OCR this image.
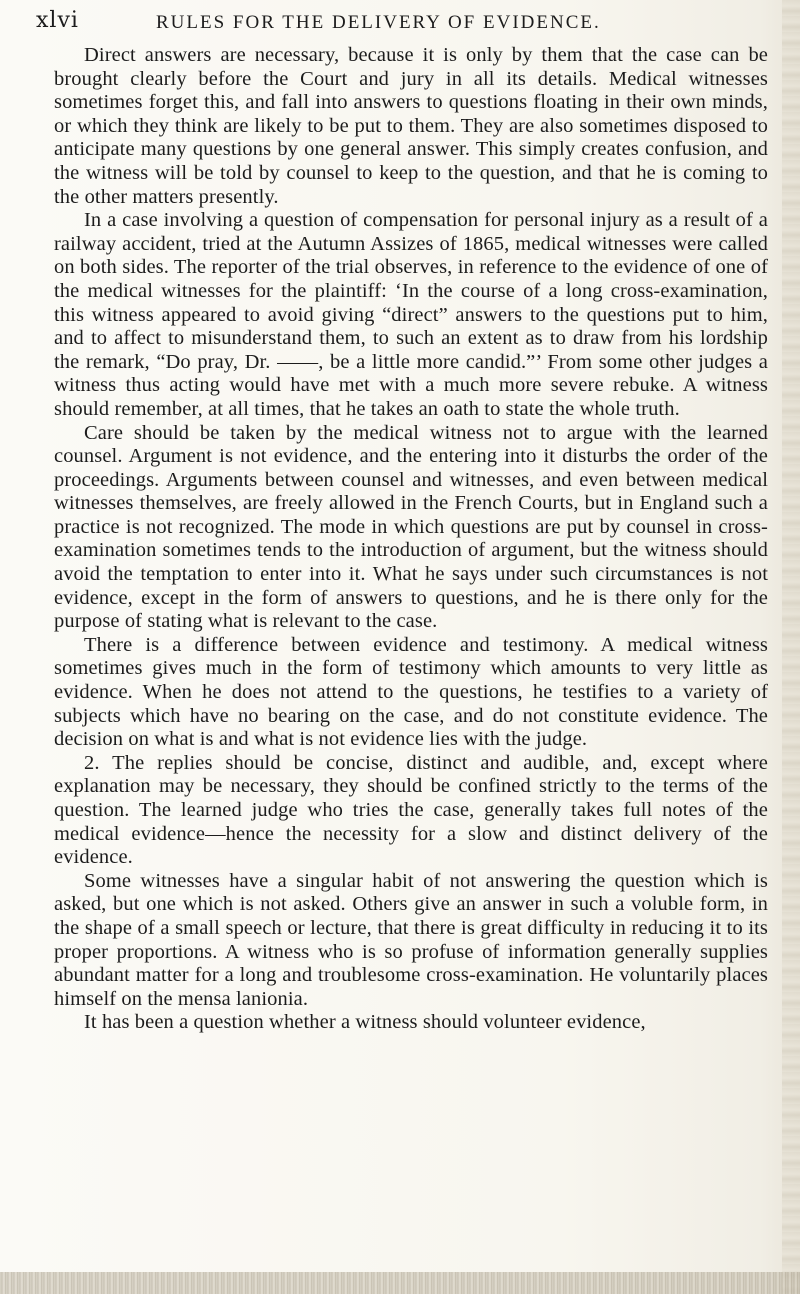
xlvi	RULES FOR THE DELIVERY OF EVIDENCE.

Direct answers are necessary, because it is only by them that the case can be brought clearly before the Court and jury in all its details. Medical witnesses sometimes forget this, and fall into answers to questions floating in their own minds, or which they think are likely to be put to them. They are also sometimes disposed to anticipate many questions by one general answer. This simply creates confusion, and the witness will be told by counsel to keep to the question, and that he is coming to the other matters presently.

In a case involving a question of compensation for personal injury as a result of a railway accident, tried at the Autumn Assizes of 1865, medical witnesses were called on both sides. The reporter of the trial observes, in reference to the evidence of one of the medical witnesses for the plaintiff: ‘In the course of a long cross-examination, this witness appeared to avoid giving “direct” answers to the questions put to him, and to affect to misunderstand them, to such an extent as to draw from his lordship the remark, “Do pray, Dr. ——, be a little more candid.”’ From some other judges a witness thus acting would have met with a much more severe rebuke. A witness should remember, at all times, that he takes an oath to state the whole truth.

Care should be taken by the medical witness not to argue with the learned counsel. Argument is not evidence, and the entering into it disturbs the order of the proceedings. Arguments between counsel and witnesses, and even between medical witnesses themselves, are freely allowed in the French Courts, but in England such a practice is not recognized. The mode in which questions are put by counsel in cross-examination sometimes tends to the introduction of argument, but the witness should avoid the temptation to enter into it. What he says under such circumstances is not evidence, except in the form of answers to questions, and he is there only for the purpose of stating what is relevant to the case.

There is a difference between evidence and testimony. A medical witness sometimes gives much in the form of testimony which amounts to very little as evidence. When he does not attend to the questions, he testifies to a variety of subjects which have no bearing on the case, and do not constitute evidence. The decision on what is and what is not evidence lies with the judge.

2. The replies should be concise, distinct and audible, and, except where explanation may be necessary, they should be confined strictly to the terms of the question. The learned judge who tries the case, generally takes full notes of the medical evidence—hence the necessity for a slow and distinct delivery of the evidence.

Some witnesses have a singular habit of not answering the question which is asked, but one which is not asked. Others give an answer in such a voluble form, in the shape of a small speech or lecture, that there is great difficulty in reducing it to its proper proportions. A witness who is so profuse of information generally supplies abundant matter for a long and troublesome cross-examination. He voluntarily places himself on the mensa lanionia.

It has been a question whether a witness should volunteer evidence,
